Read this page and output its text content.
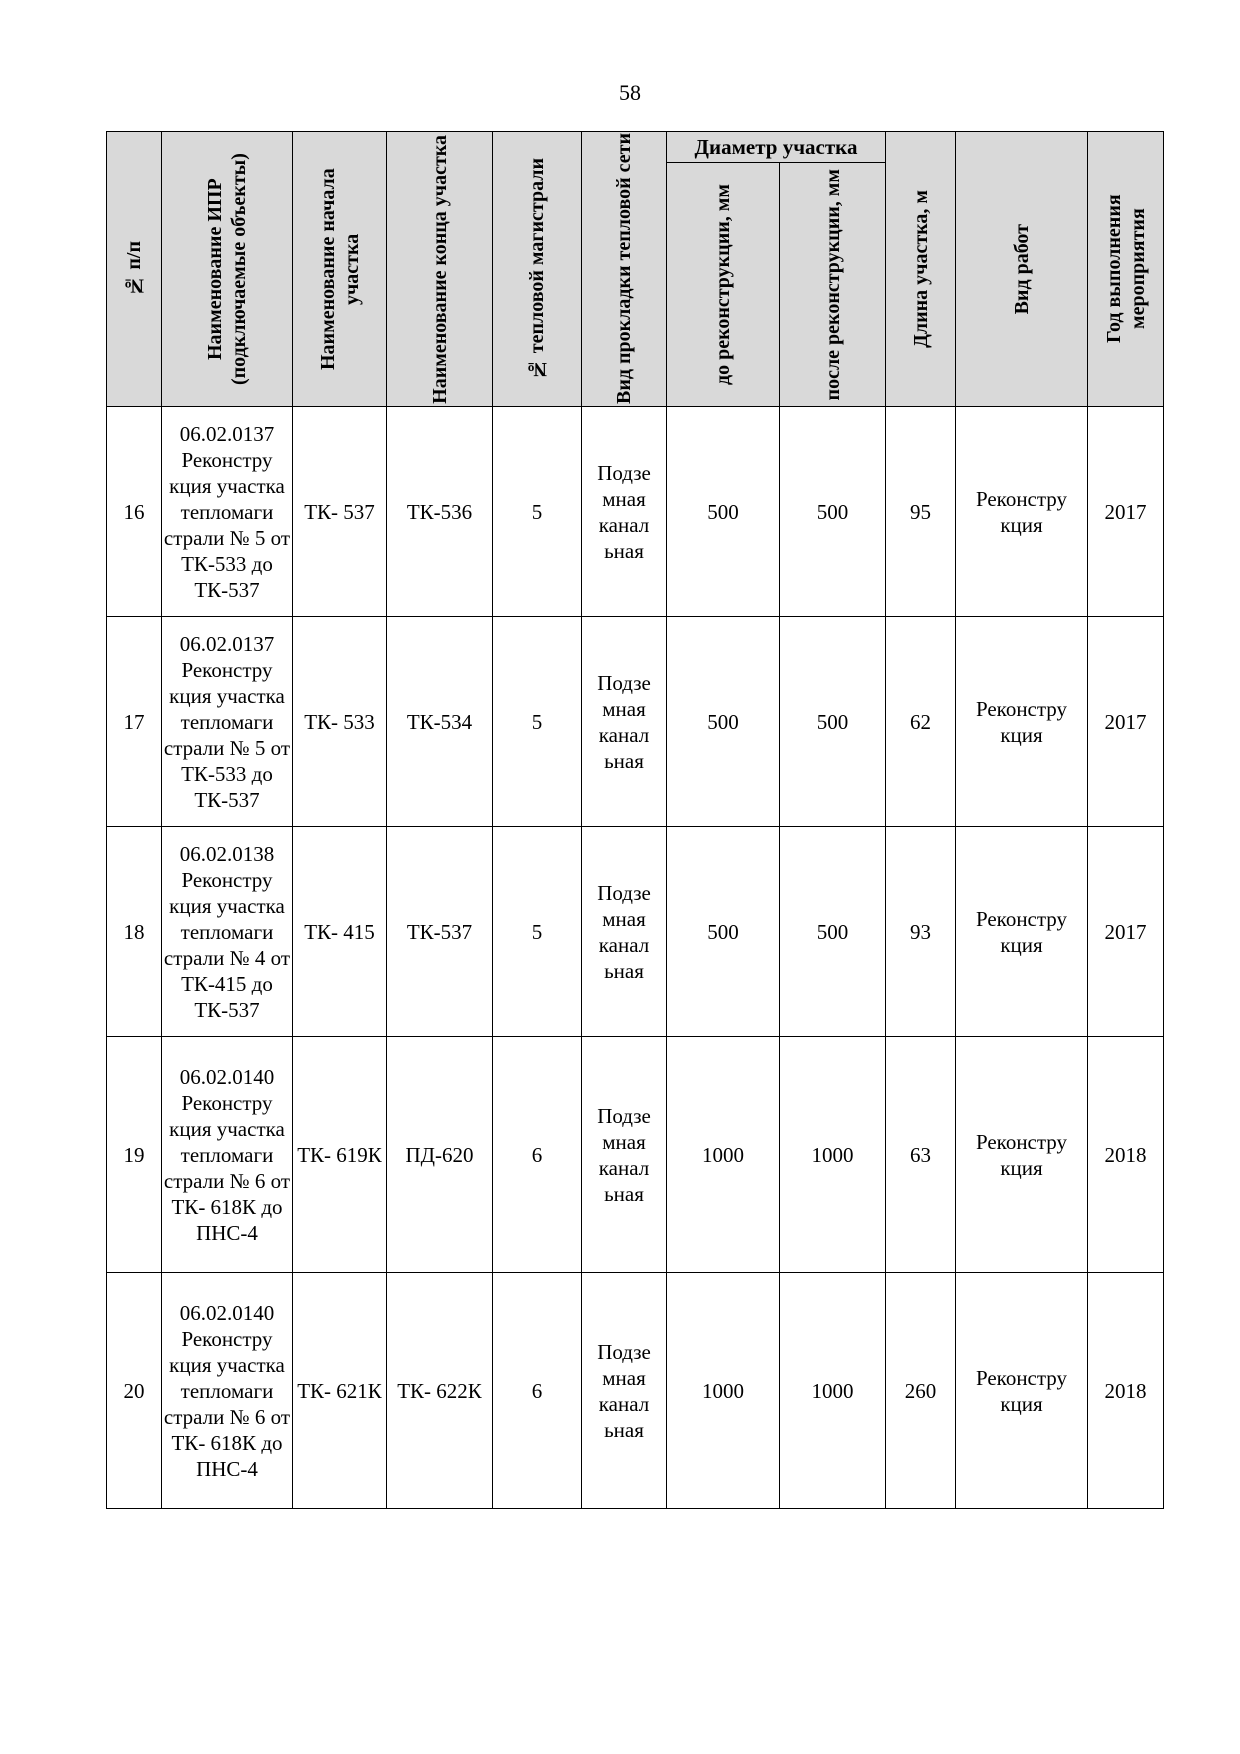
58
№ п/п	Наименование ИПР (подключаемые объекты)	Наименование начала участка	Наименование конца участка	№ тепловой магистрали	Вид прокладки тепловой сети	Диаметр участка		Длина участка, м	Вид работ	Год выполнения мероприятия

						до реконструкции, мм	после реконструкции, мм			

16	06.02.0137 Реконстру кция участка тепломаги страли № 5 от ТК-533 до ТК-537	ТК- 537	ТК-536	5	Подзе мная канал ьная	500	500	95	Реконстру кция	2017
17	06.02.0137 Реконстру кция участка тепломаги страли № 5 от ТК-533 до ТК-537	ТК- 533	ТК-534	5	Подзе мная канал ьная	500	500	62	Реконстру кция	2017
18	06.02.0138 Реконстру кция участка тепломаги страли № 4 от ТК-415 до ТК-537	ТК- 415	ТК-537	5	Подзе мная канал ьная	500	500	93	Реконстру кция	2017
19	06.02.0140 Реконстру кция участка тепломаги страли № 6 от ТК- 618К до ПНС-4	ТК- 619К	ПД-620	6	Подзе мная канал ьная	1000	1000	63	Реконстру кция	2018
20	06.02.0140 Реконстру кция участка тепломаги страли № 6 от ТК- 618К до ПНС-4	ТК- 621К	ТК- 622К	6	Подзе мная канал ьная	1000	1000	260	Реконстру кция	2018
